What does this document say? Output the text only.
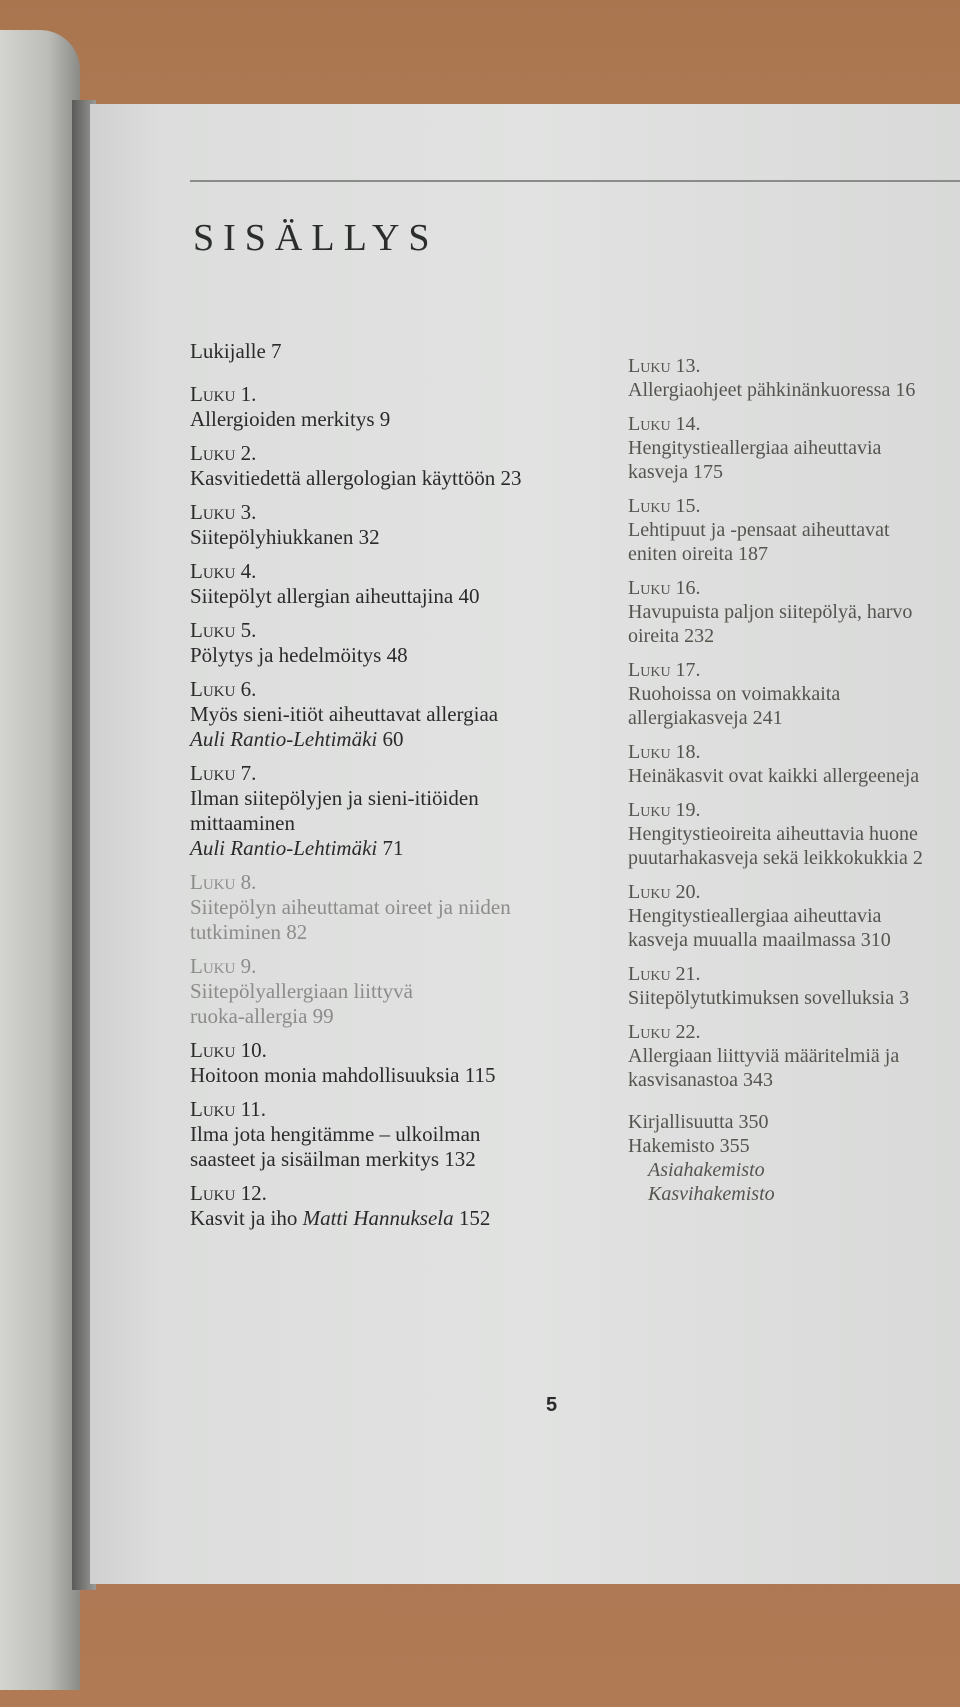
SISÄLLYS
Lukijalle 7
Luku 1.
Allergioiden merkitys 9
Luku 2.
Kasvitiedettä allergologian käyttöön 23
Luku 3.
Siitepölyhiukkanen 32
Luku 4.
Siitepölyt allergian aiheuttajina 40
Luku 5.
Pölytys ja hedelmöitys 48
Luku 6.
Myös sieni-itiöt aiheuttavat allergiaa
Auli Rantio-Lehtimäki 60
Luku 7.
Ilman siitepölyjen ja sieni-itiöiden
mittaaminen
Auli Rantio-Lehtimäki 71
Luku 8.
Siitepölyn aiheuttamat oireet ja niiden
tutkiminen 82
Luku 9.
Siitepölyallergiaan liittyvä
ruoka-allergia 99
Luku 10.
Hoitoon monia mahdollisuuksia 115
Luku 11.
Ilma jota hengitämme – ulkoilman
saasteet ja sisäilman merkitys 132
Luku 12.
Kasvit ja iho Matti Hannuksela 152
Luku 13.
Allergiaohjeet pähkinänkuoressa 16
Luku 14.
Hengitystieallergiaa aiheuttavia
kasveja 175
Luku 15.
Lehtipuut ja -pensaat aiheuttavat
eniten oireita 187
Luku 16.
Havupuista paljon siitepölyä, harvo
oireita 232
Luku 17.
Ruohoissa on voimakkaita
allergiakasveja 241
Luku 18.
Heinäkasvit ovat kaikki allergeeneja
Luku 19.
Hengitystieoireita aiheuttavia huone
puutarhakasveja sekä leikkokukkia 2
Luku 20.
Hengitystieallergiaa aiheuttavia
kasveja muualla maailmassa 310
Luku 21.
Siitepölytutkimuksen sovelluksia 3
Luku 22.
Allergiaan liittyviä määritelmiä ja
kasvisanastoa 343
Kirjallisuutta 350
Hakemisto 355
Asiahakemisto
Kasvihakemisto
5
